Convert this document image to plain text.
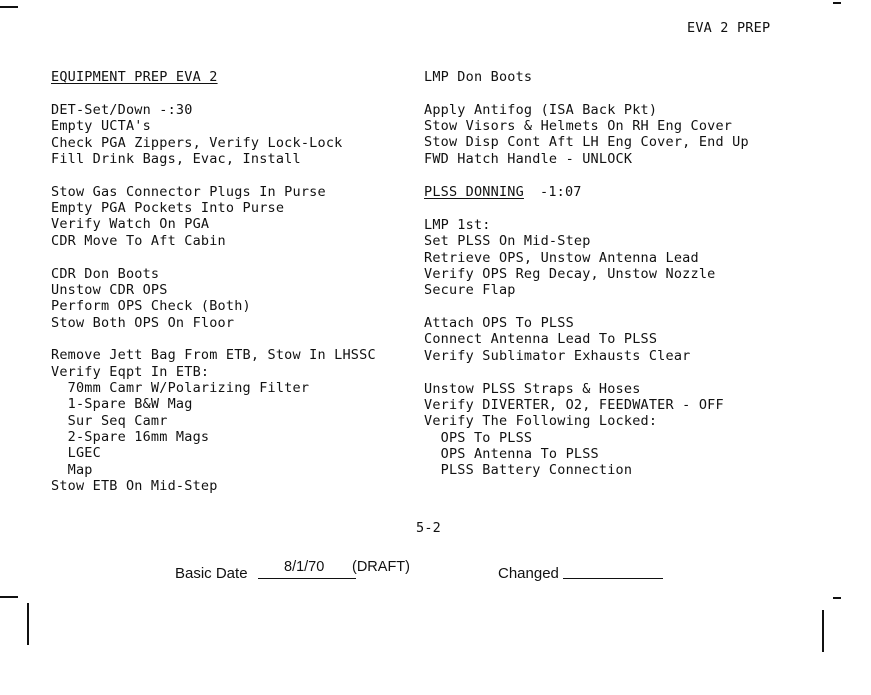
EVA 2 PREP
EQUIPMENT PREP EVA 2
DET-Set/Down -:30
Empty UCTA's
Check PGA Zippers, Verify Lock-Lock
Fill Drink Bags, Evac, Install
Stow Gas Connector Plugs In Purse
Empty PGA Pockets Into Purse
Verify Watch On PGA
CDR Move To Aft Cabin
CDR Don Boots
Unstow CDR OPS
Perform OPS Check (Both)
Stow Both OPS On Floor
Remove Jett Bag From ETB, Stow In LHSSC
Verify Eqpt In ETB:
70mm Camr W/Polarizing Filter
1-Spare B&W Mag
Sur Seq Camr
2-Spare 16mm Mags
LGEC
Map
Stow ETB On Mid-Step
LMP Don Boots
Apply Antifog (ISA Back Pkt)
Stow Visors & Helmets On RH Eng Cover
Stow Disp Cont Aft LH Eng Cover, End Up
FWD Hatch Handle - UNLOCK
PLSS DONNING -1:07
LMP 1st:
Set PLSS On Mid-Step
Retrieve OPS, Unstow Antenna Lead
Verify OPS Reg Decay, Unstow Nozzle
Secure Flap
Attach OPS To PLSS
Connect Antenna Lead To PLSS
Verify Sublimator Exhausts Clear
Unstow PLSS Straps & Hoses
Verify DIVERTER, O2, FEEDWATER - OFF
Verify The Following Locked:
OPS To PLSS
OPS Antenna To PLSS
PLSS Battery Connection
5-2
Basic Date	8/1/70 (DRAFT)	Changed
